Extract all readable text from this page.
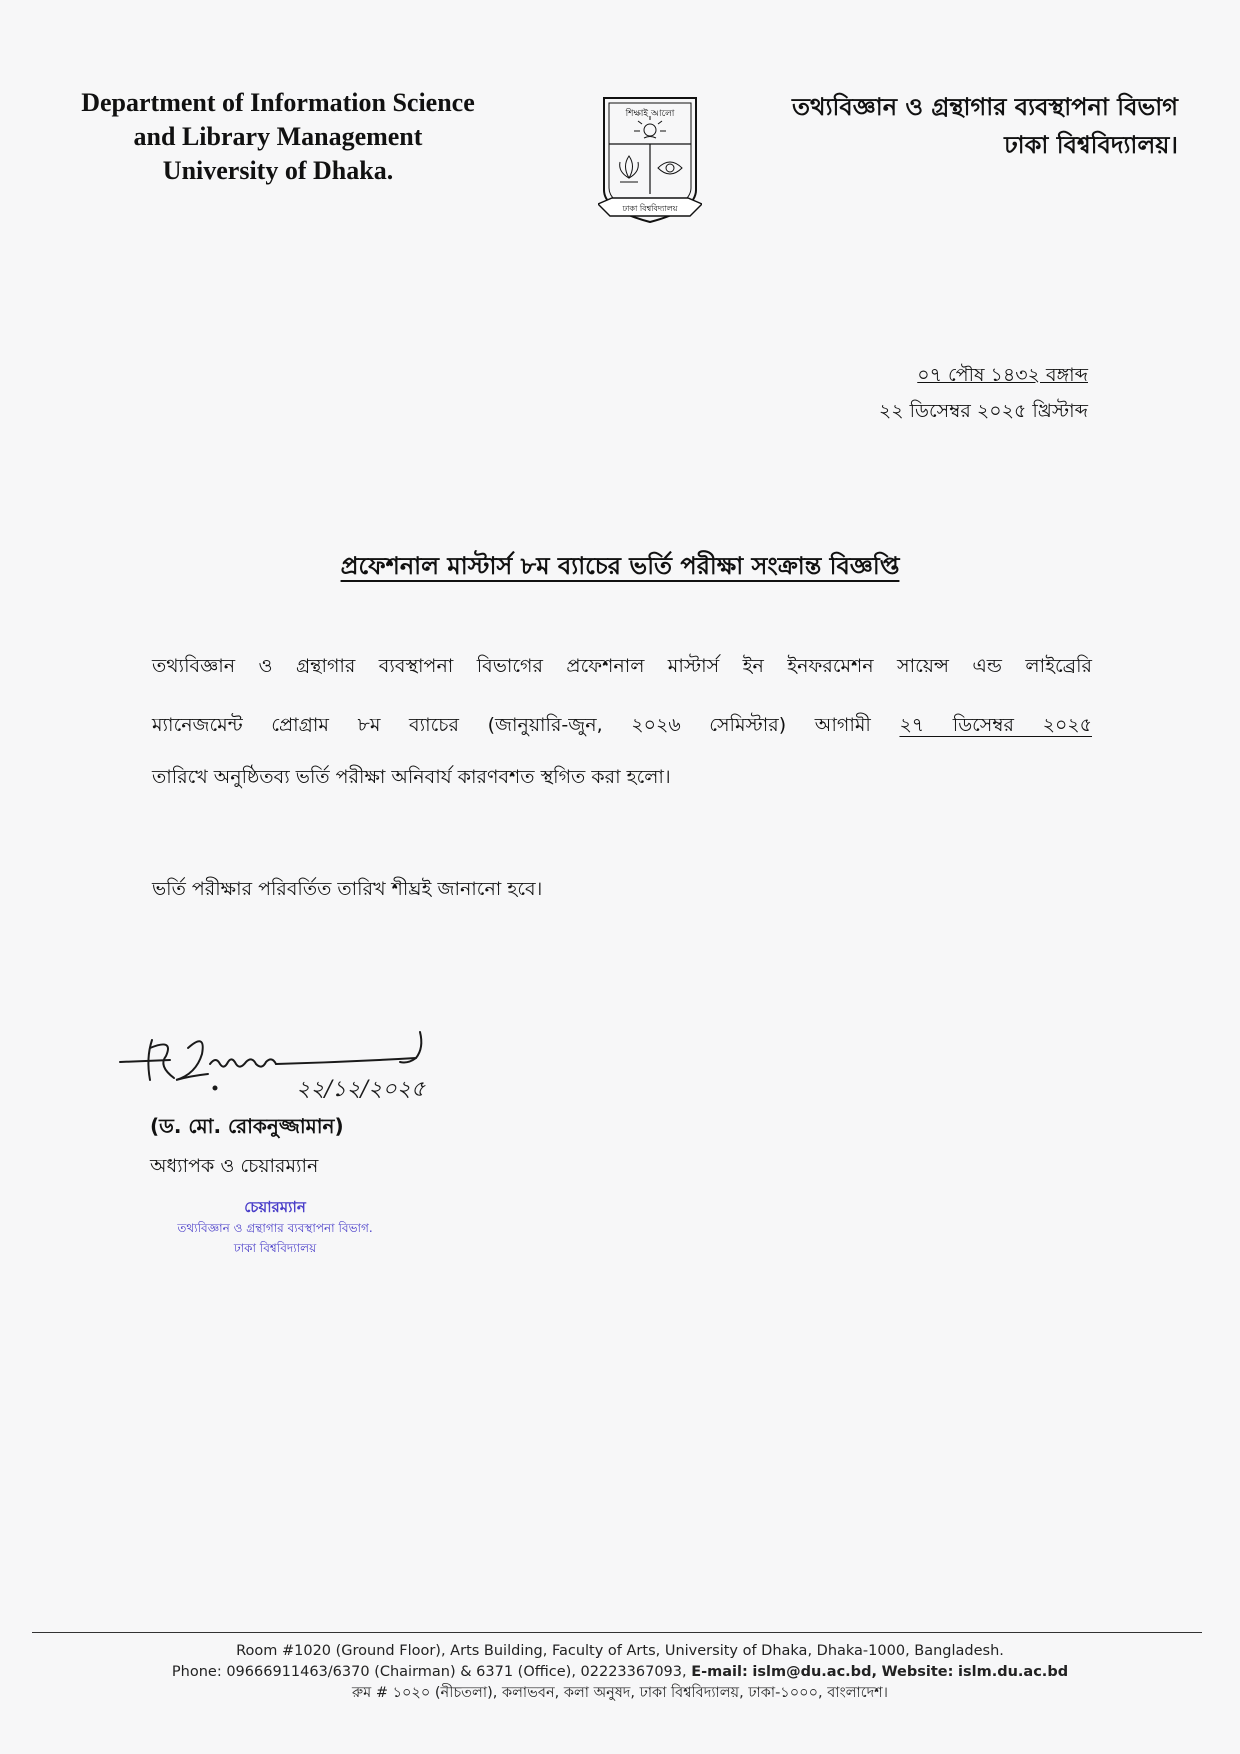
Department of Information Science
and Library Management
University of Dhaka.
শিক্ষাই আলো
ঢাকা বিশ্ববিদ্যালয়
তথ্যবিজ্ঞান ও গ্রন্থাগার ব্যবস্থাপনা বিভাগ
ঢাকা বিশ্ববিদ্যালয়।
০৭ পৌষ ১৪৩২ বঙ্গাব্দ
২২ ডিসেম্বর ২০২৫ খ্রিস্টাব্দ
প্রফেশনাল মাস্টার্স ৮ম ব্যাচের ভর্তি পরীক্ষা সংক্রান্ত বিজ্ঞপ্তি
তথ্যবিজ্ঞান ও গ্রন্থাগার ব্যবস্থাপনা বিভাগের প্রফেশনাল মাস্টার্স ইন ইনফরমেশন সায়েন্স এন্ড লাইব্রেরি
ম্যানেজমেন্ট প্রোগ্রাম ৮ম ব্যাচের (জানুয়ারি-জুন, ২০২৬ সেমিস্টার) আগামী ২৭ ডিসেম্বর ২০২৫
তারিখে অনুষ্ঠিতব্য ভর্তি পরীক্ষা অনিবার্য কারণবশত স্থগিত করা হলো।
ভর্তি পরীক্ষার পরিবর্তিত তারিখ শীঘ্রই জানানো হবে।
২২/১২/২০২৫
(ড. মো. রোকনুজ্জামান)
অধ্যাপক ও চেয়ারম্যান
চেয়ারম্যান
তথ্যবিজ্ঞান ও গ্রন্থাগার ব্যবস্থাপনা বিভাগ.
ঢাকা বিশ্ববিদ্যালয়
Room #1020 (Ground Floor), Arts Building, Faculty of Arts, University of Dhaka, Dhaka-1000, Bangladesh.
Phone: 09666911463/6370 (Chairman) & 6371 (Office), 02223367093, E-mail: islm@du.ac.bd, Website: islm.du.ac.bd
রুম # ১০২০ (নীচতলা), কলাভবন, কলা অনুষদ, ঢাকা বিশ্ববিদ্যালয়, ঢাকা-১০০০, বাংলাদেশ।
